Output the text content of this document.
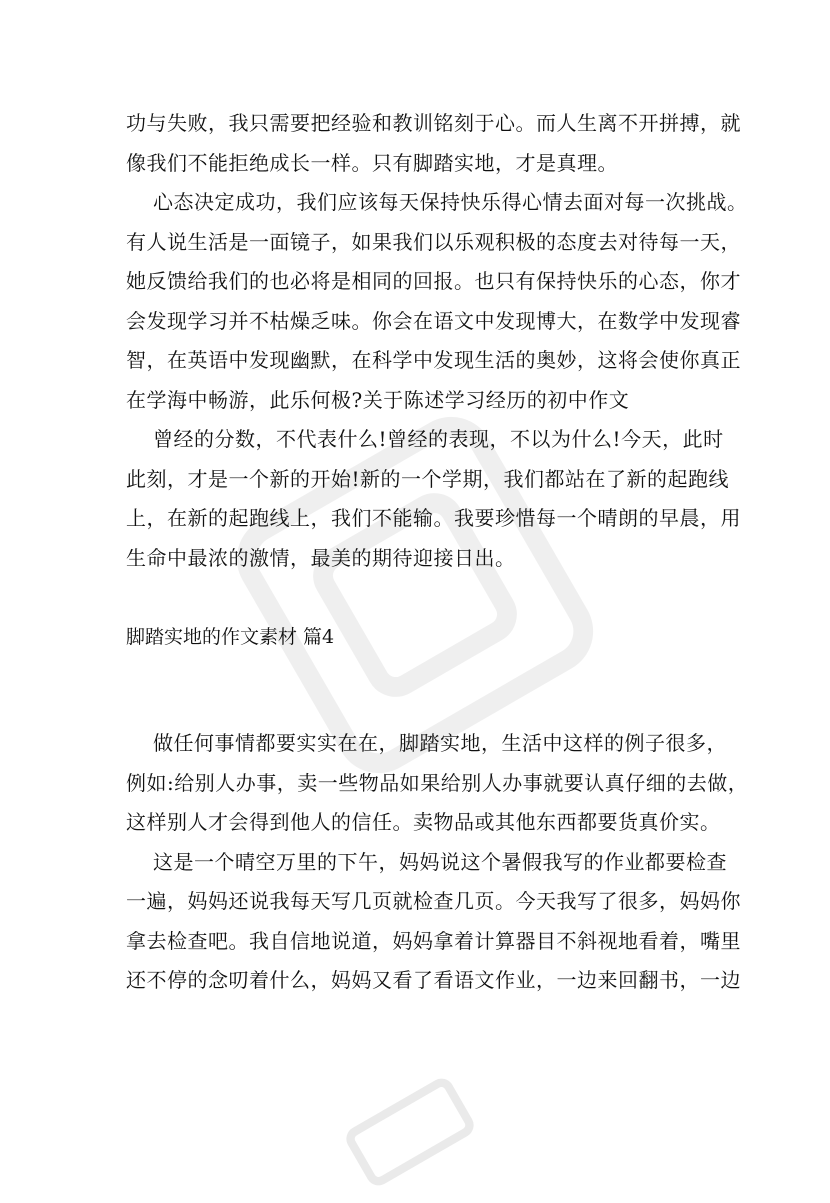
功与失败，我只需要把经验和教训铭刻于心。而人生离不开拼搏，就
像我们不能拒绝成长一样。只有脚踏实地，才是真理。

心态决定成功，我们应该每天保持快乐得心情去面对每一次挑战。
有人说生活是一面镜子，如果我们以乐观积极的态度去对待每一天，
她反馈给我们的也必将是相同的回报。也只有保持快乐的心态，你才
会发现学习并不枯燥乏味。你会在语文中发现博大，在数学中发现睿
智，在英语中发现幽默，在科学中发现生活的奥妙，这将会使你真正
在学海中畅游，此乐何极?关于陈述学习经历的初中作文

曾经的分数，不代表什么!曾经的表现，不以为什么!今天，此时
此刻，才是一个新的开始!新的一个学期，我们都站在了新的起跑线
上，在新的起跑线上，我们不能输。我要珍惜每一个晴朗的早晨，用
生命中最浓的激情，最美的期待迎接日出。

脚踏实地的作文素材 篇4

做任何事情都要实实在在，脚踏实地，生活中这样的例子很多，
例如:给别人办事，卖一些物品如果给别人办事就要认真仔细的去做，
这样别人才会得到他人的信任。卖物品或其他东西都要货真价实。

这是一个晴空万里的下午，妈妈说这个暑假我写的作业都要检查
一遍，妈妈还说我每天写几页就检查几页。今天我写了很多，妈妈你
拿去检查吧。我自信地说道，妈妈拿着计算器目不斜视地看着，嘴里
还不停的念叨着什么，妈妈又看了看语文作业，一边来回翻书，一边
